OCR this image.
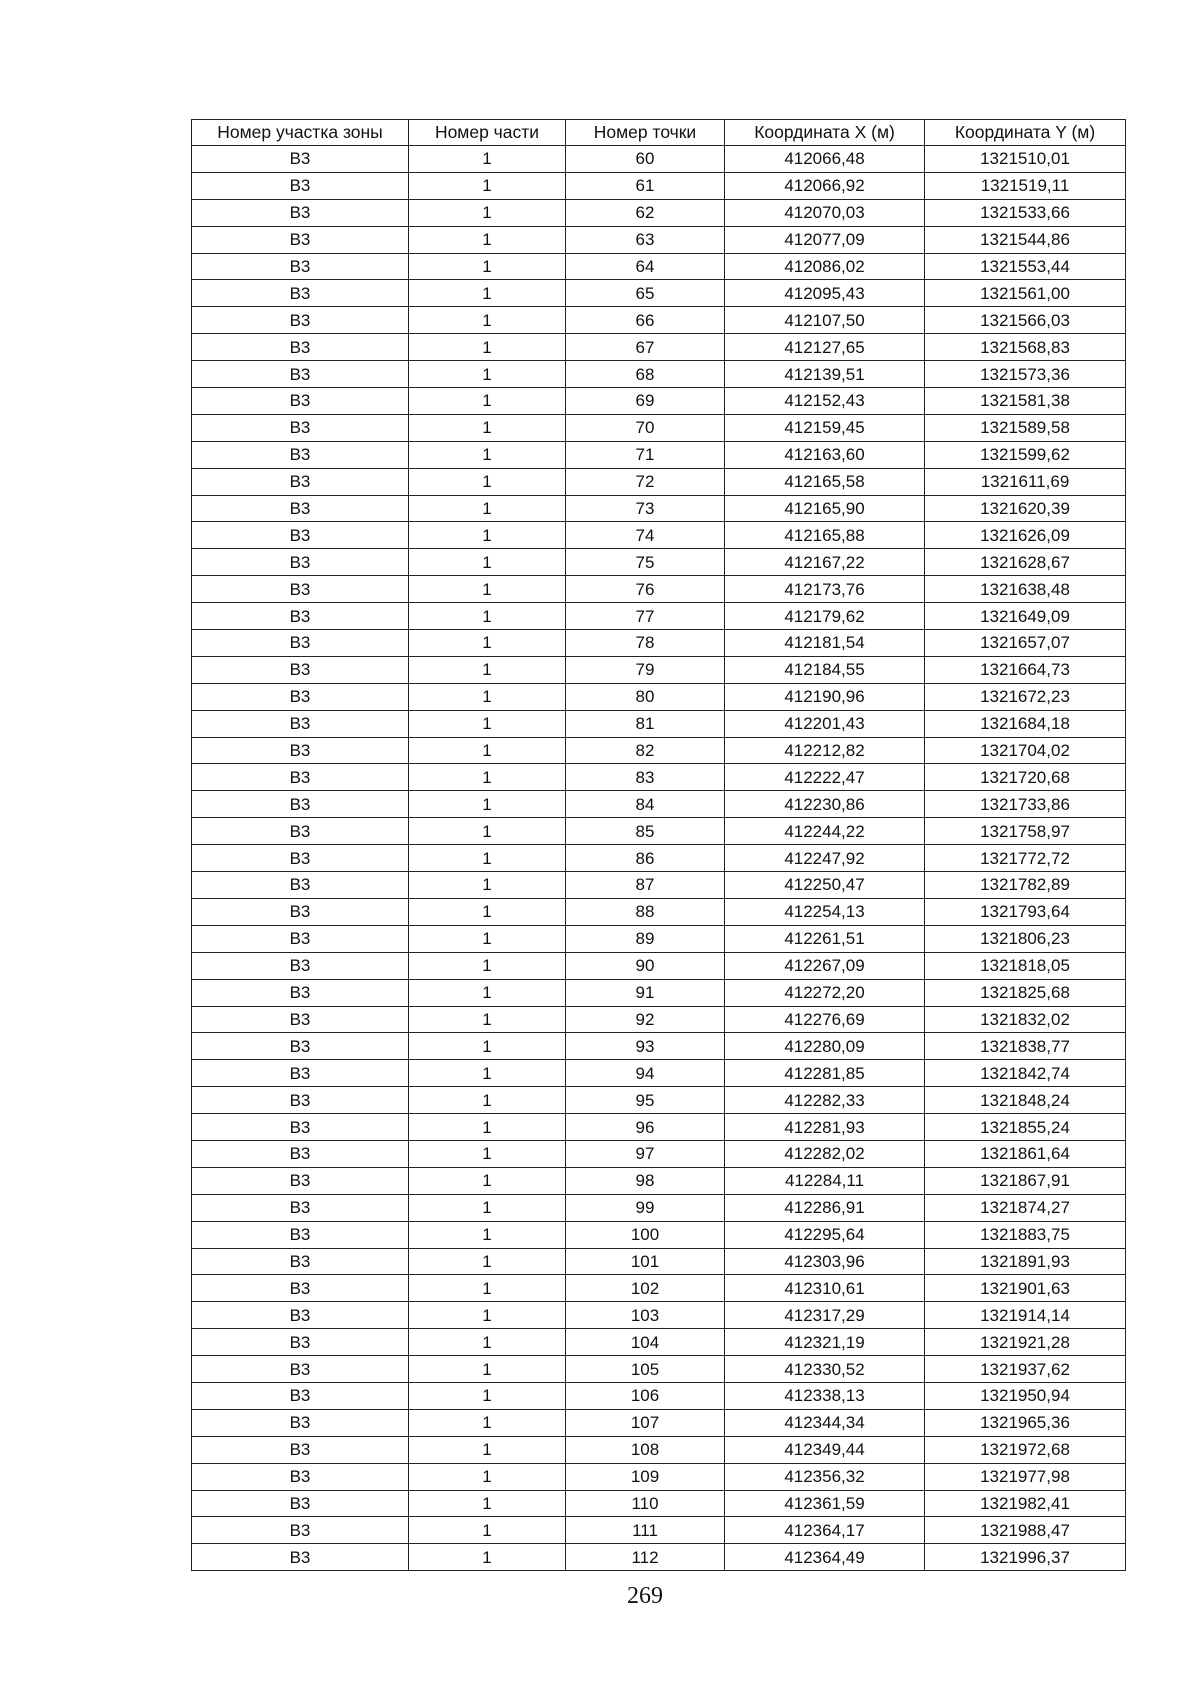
Номер участка зоны	Номер части	Номер точки	Координата X (м)	Координата Y (м)
В3	1	60	412066,48	1321510,01
В3	1	61	412066,92	1321519,11
В3	1	62	412070,03	1321533,66
В3	1	63	412077,09	1321544,86
В3	1	64	412086,02	1321553,44
В3	1	65	412095,43	1321561,00
В3	1	66	412107,50	1321566,03
В3	1	67	412127,65	1321568,83
В3	1	68	412139,51	1321573,36
В3	1	69	412152,43	1321581,38
В3	1	70	412159,45	1321589,58
В3	1	71	412163,60	1321599,62
В3	1	72	412165,58	1321611,69
В3	1	73	412165,90	1321620,39
В3	1	74	412165,88	1321626,09
В3	1	75	412167,22	1321628,67
В3	1	76	412173,76	1321638,48
В3	1	77	412179,62	1321649,09
В3	1	78	412181,54	1321657,07
В3	1	79	412184,55	1321664,73
В3	1	80	412190,96	1321672,23
В3	1	81	412201,43	1321684,18
В3	1	82	412212,82	1321704,02
В3	1	83	412222,47	1321720,68
В3	1	84	412230,86	1321733,86
В3	1	85	412244,22	1321758,97
В3	1	86	412247,92	1321772,72
В3	1	87	412250,47	1321782,89
В3	1	88	412254,13	1321793,64
В3	1	89	412261,51	1321806,23
В3	1	90	412267,09	1321818,05
В3	1	91	412272,20	1321825,68
В3	1	92	412276,69	1321832,02
В3	1	93	412280,09	1321838,77
В3	1	94	412281,85	1321842,74
В3	1	95	412282,33	1321848,24
В3	1	96	412281,93	1321855,24
В3	1	97	412282,02	1321861,64
В3	1	98	412284,11	1321867,91
В3	1	99	412286,91	1321874,27
В3	1	100	412295,64	1321883,75
В3	1	101	412303,96	1321891,93
В3	1	102	412310,61	1321901,63
В3	1	103	412317,29	1321914,14
В3	1	104	412321,19	1321921,28
В3	1	105	412330,52	1321937,62
В3	1	106	412338,13	1321950,94
В3	1	107	412344,34	1321965,36
В3	1	108	412349,44	1321972,68
В3	1	109	412356,32	1321977,98
В3	1	110	412361,59	1321982,41
В3	1	111	412364,17	1321988,47
В3	1	112	412364,49	1321996,37
269
